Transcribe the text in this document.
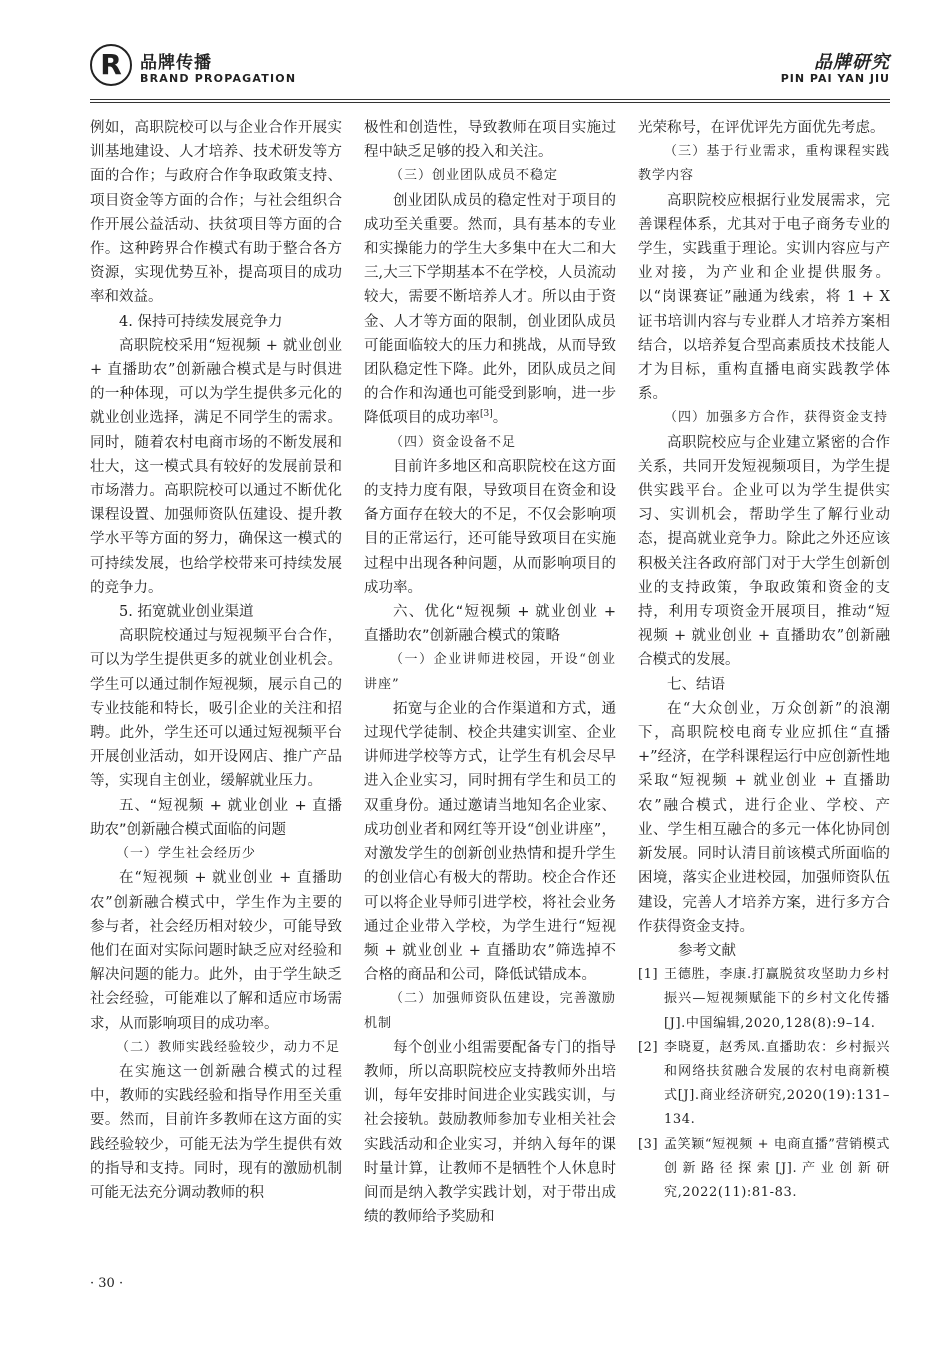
R 品牌传播
BRAND PROPAGATION
品牌研究
PIN PAI YAN JIU

例如，高职院校可以与企业合作开展实训基地建设、人才培养、技术研发等方面的合作；与政府合作争取政策支持、项目资金等方面的合作；与社会组织合作开展公益活动、扶贫项目等方面的合作。这种跨界合作模式有助于整合各方资源，实现优势互补，提高项目的成功率和效益。

4. 保持可持续发展竞争力

高职院校采用“短视频 + 就业创业 + 直播助农”创新融合模式是与时俱进的一种体现，可以为学生提供多元化的就业创业选择，满足不同学生的需求。同时，随着农村电商市场的不断发展和壮大，这一模式具有较好的发展前景和市场潜力。高职院校可以通过不断优化课程设置、加强师资队伍建设、提升教学水平等方面的努力，确保这一模式的可持续发展，也给学校带来可持续发展的竞争力。

5. 拓宽就业创业渠道

高职院校通过与短视频平台合作，可以为学生提供更多的就业创业机会。学生可以通过制作短视频，展示自己的专业技能和特长，吸引企业的关注和招聘。此外，学生还可以通过短视频平台开展创业活动，如开设网店、推广产品等，实现自主创业，缓解就业压力。

五、“短视频 + 就业创业 + 直播助农”创新融合模式面临的问题

（一）学生社会经历少

在“短视频 + 就业创业 + 直播助农”创新融合模式中，学生作为主要的参与者，社会经历相对较少，可能导致他们在面对实际问题时缺乏应对经验和解决问题的能力。此外，由于学生缺乏社会经验，可能难以了解和适应市场需求，从而影响项目的成功率。

（二）教师实践经验较少，动力不足

在实施这一创新融合模式的过程中，教师的实践经验和指导作用至关重要。然而，目前许多教师在这方面的实践经验较少，可能无法为学生提供有效的指导和支持。同时，现有的激励机制可能无法充分调动教师的积

极性和创造性，导致教师在项目实施过程中缺乏足够的投入和关注。

（三）创业团队成员不稳定

创业团队成员的稳定性对于项目的成功至关重要。然而，具有基本的专业和实操能力的学生大多集中在大二和大三,大三下学期基本不在学校，人员流动较大，需要不断培养人才。所以由于资金、人才等方面的限制，创业团队成员可能面临较大的压力和挑战，从而导致团队稳定性下降。此外，团队成员之间的合作和沟通也可能受到影响，进一步降低项目的成功率[3]。

（四）资金设备不足

目前许多地区和高职院校在这方面的支持力度有限，导致项目在资金和设备方面存在较大的不足，不仅会影响项目的正常运行，还可能导致项目在实施过程中出现各种问题，从而影响项目的成功率。

六、优化“短视频 + 就业创业 + 直播助农”创新融合模式的策略

（一）企业讲师进校园，开设“创业讲座”

拓宽与企业的合作渠道和方式，通过现代学徒制、校企共建实训室、企业讲师进学校等方式，让学生有机会尽早进入企业实习，同时拥有学生和员工的双重身份。通过邀请当地知名企业家、成功创业者和网红等开设“创业讲座”，对激发学生的创新创业热情和提升学生的创业信心有极大的帮助。校企合作还可以将企业导师引进学校，将社会业务通过企业带入学校，为学生进行“短视频 + 就业创业 + 直播助农”筛选掉不合格的商品和公司，降低试错成本。

（二）加强师资队伍建设，完善激励机制

每个创业小组需要配备专门的指导教师，所以高职院校应支持教师外出培训，每年安排时间进企业实践实训，与社会接轨。鼓励教师参加专业相关社会实践活动和企业实习，并纳入每年的课时量计算，让教师不是牺牲个人休息时间而是纳入教学实践计划，对于带出成绩的教师给予奖励和

光荣称号，在评优评先方面优先考虑。

（三）基于行业需求，重构课程实践教学内容

高职院校应根据行业发展需求，完善课程体系，尤其对于电子商务专业的学生，实践重于理论。实训内容应与产业对接，为产业和企业提供服务。以“岗课赛证”融通为线索，将 1 + X 证书培训内容与专业群人才培养方案相结合，以培养复合型高素质技术技能人才为目标，重构直播电商实践教学体系。

（四）加强多方合作，获得资金支持

高职院校应与企业建立紧密的合作关系，共同开发短视频项目，为学生提供实践平台。企业可以为学生提供实习、实训机会，帮助学生了解行业动态，提高就业竞争力。除此之外还应该积极关注各政府部门对于大学生创新创业的支持政策，争取政策和资金的支持，利用专项资金开展项目，推动“短视频 + 就业创业 + 直播助农”创新融合模式的发展。

七、结语

在“大众创业，万众创新”的浪潮下，高职院校电商专业应抓住“直播 +”经济，在学科课程运行中应创新性地采取“短视频 + 就业创业 + 直播助农”融合模式，进行企业、学校、产业、学生相互融合的多元一体化协同创新发展。同时认清目前该模式所面临的困境，落实企业进校园，加强师资队伍建设，完善人才培养方案，进行多方合作获得资金支持。

参考文献

[1] 王德胜，李康.打赢脱贫攻坚助力乡村振兴—短视频赋能下的乡村文化传播[J].中国编辑,2020,128(8):9–14.
[2] 李晓夏，赵秀凤.直播助农：乡村振兴和网络扶贫融合发展的农村电商新模式[J].商业经济研究,2020(19):131–134.
[3] 孟笑颖“短视频 + 电商直播”营销模式创新路径探索[J].产业创新研究,2022(11):81-83.
· 30 ·
